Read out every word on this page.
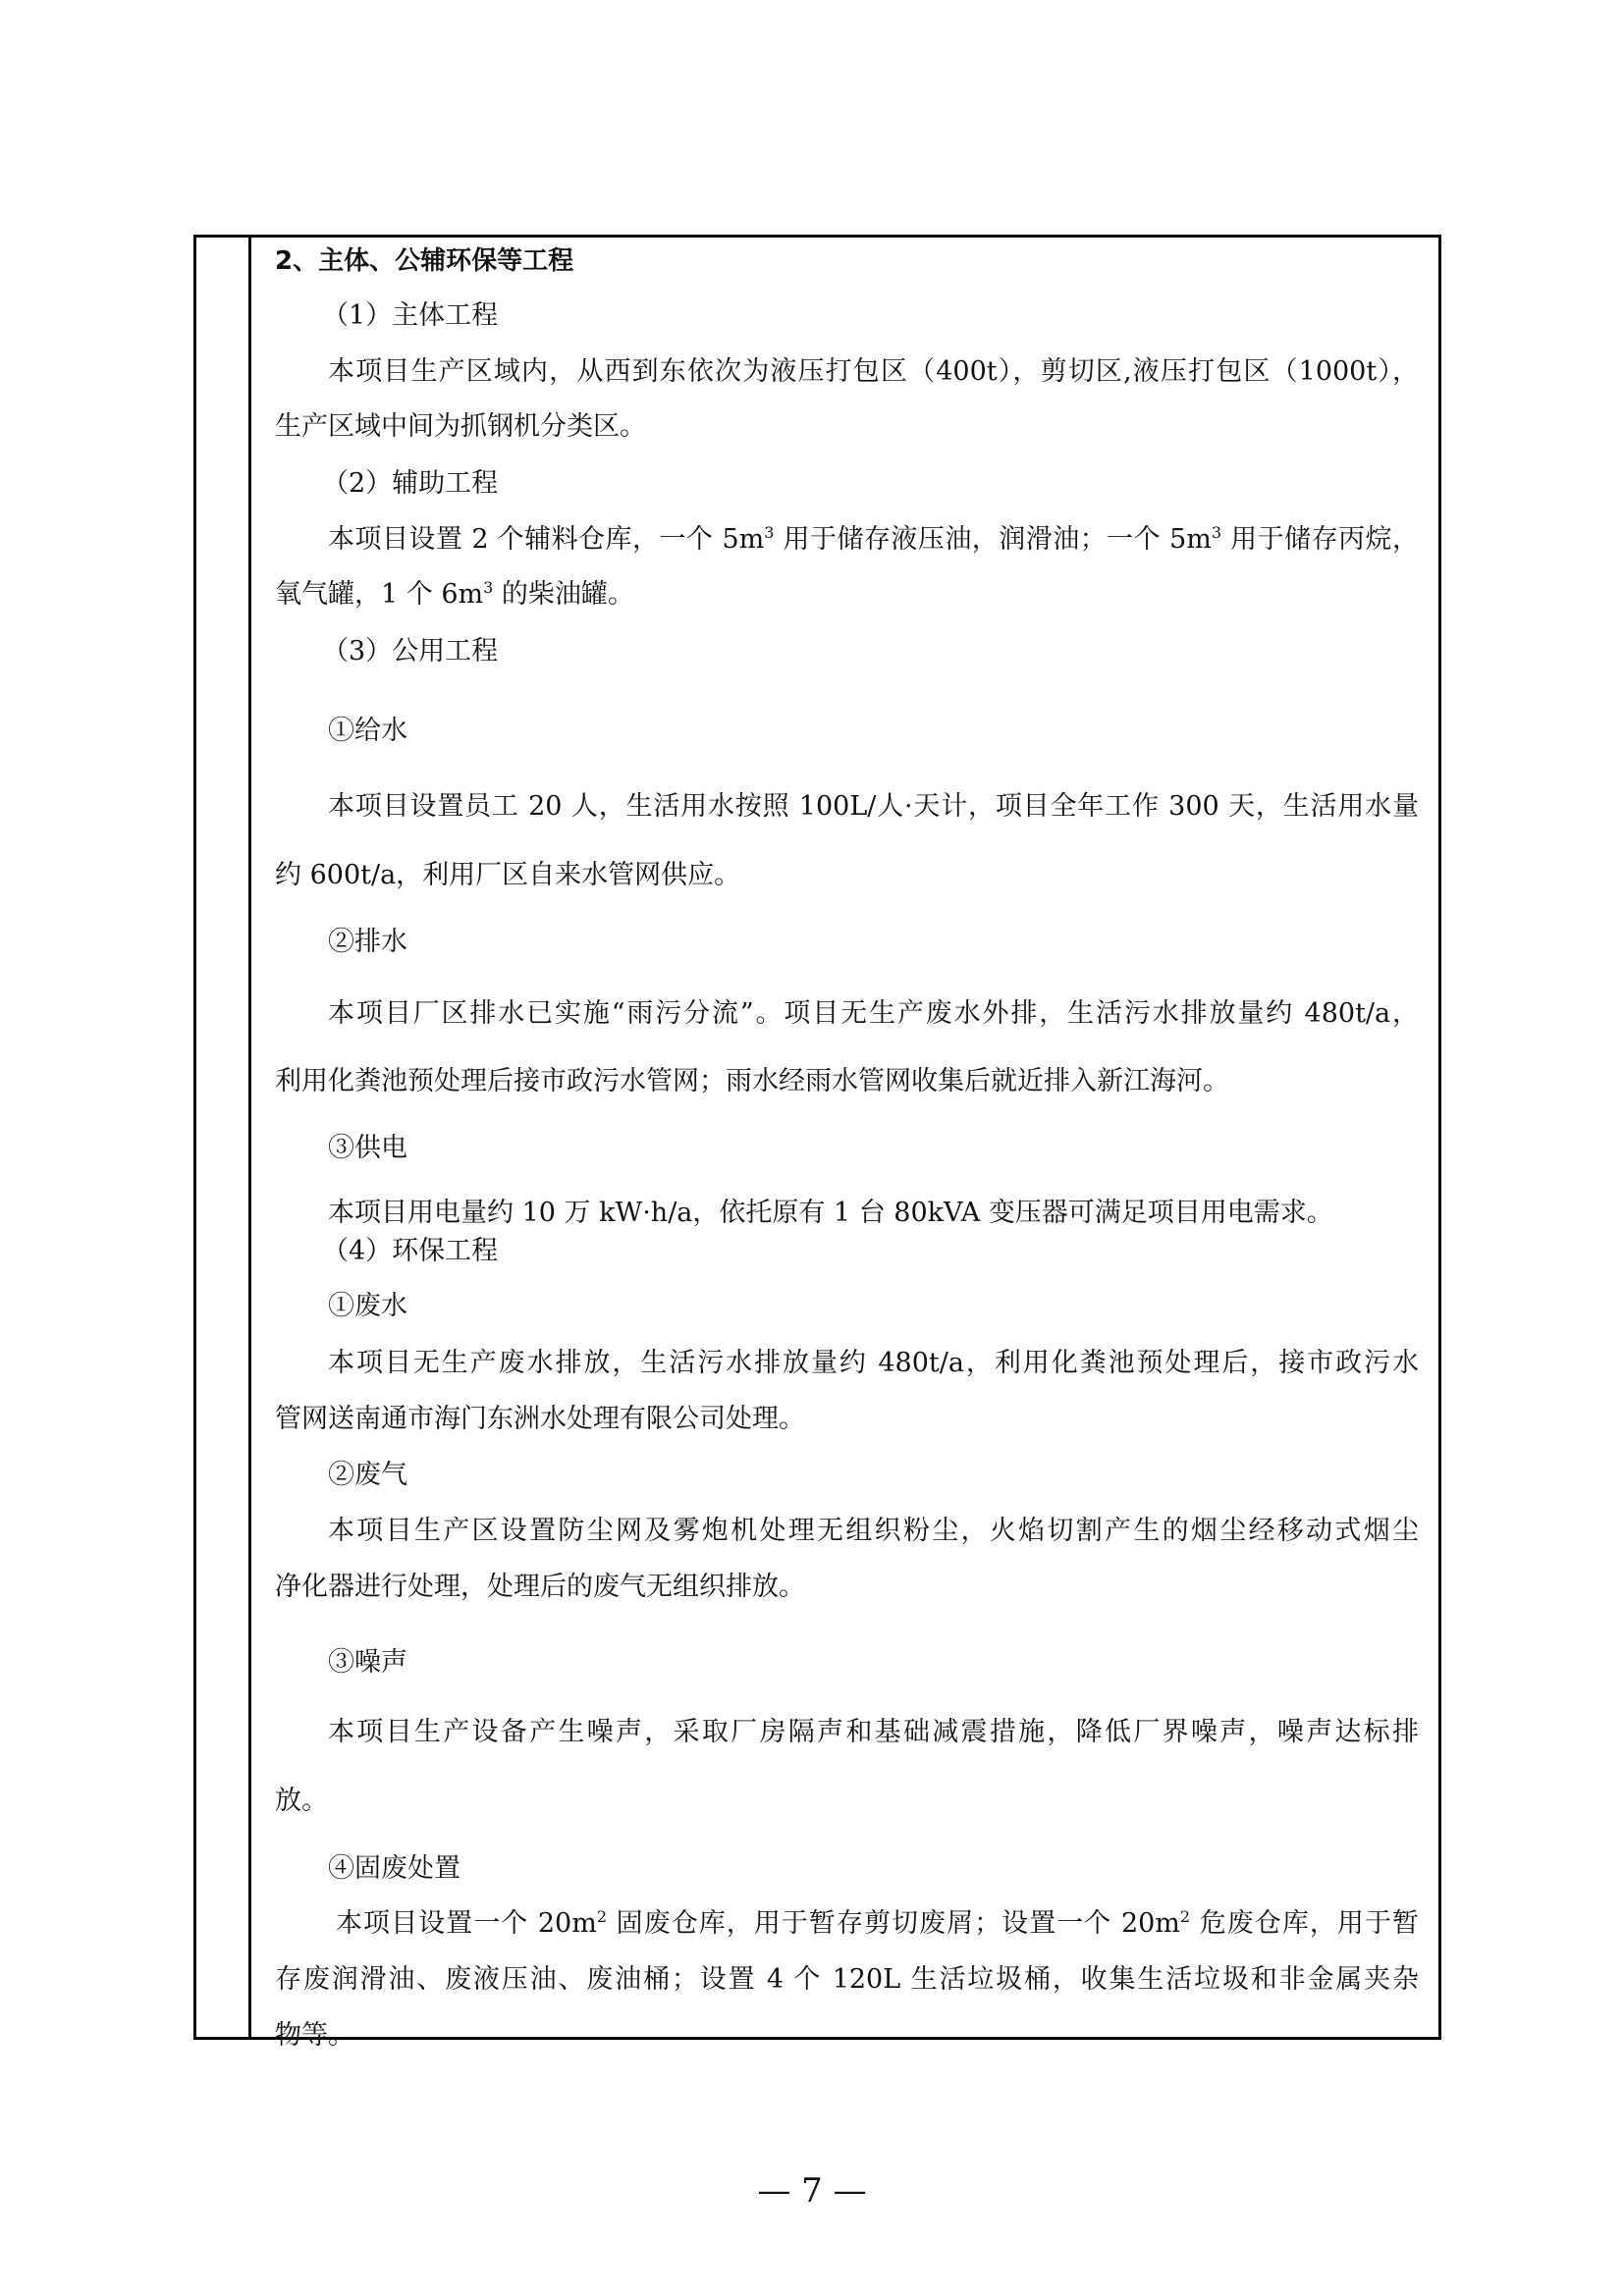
2、主体、公辅环保等工程
（1）主体工程
本项目生产区域内，从西到东依次为液压打包区（400t），剪切区,液压打包区（1000t），
生产区域中间为抓钢机分类区。
（2）辅助工程
本项目设置 2 个辅料仓库，一个 $5m^3$ 用于储存液压油，润滑油；一个 $5m^3$ 用于储存丙烷，
氧气罐，1 个 $6m^3$ 的柴油罐。
（3）公用工程
①给水
本项目设置员工 20 人，生活用水按照 100L/人·天计，项目全年工作 300 天，生活用水量
约 600t/a，利用厂区自来水管网供应。
②排水
本项目厂区排水已实施“雨污分流”。项目无生产废水外排，生活污水排放量约 480t/a，
利用化粪池预处理后接市政污水管网；雨水经雨水管网收集后就近排入新江海河。
③供电
本项目用电量约 10 万 kW·h/a，依托原有 1 台 80kVA 变压器可满足项目用电需求。
（4）环保工程
①废水
本项目无生产废水排放，生活污水排放量约 480t/a，利用化粪池预处理后，接市政污水
管网送南通市海门东洲水处理有限公司处理。
②废气
本项目生产区设置防尘网及雾炮机处理无组织粉尘，火焰切割产生的烟尘经移动式烟尘
净化器进行处理，处理后的废气无组织排放。
③噪声
本项目生产设备产生噪声，采取厂房隔声和基础减震措施，降低厂界噪声，噪声达标排
放。
④固废处置
本项目设置一个 $20m^2$ 固废仓库，用于暂存剪切废屑；设置一个 $20m^2$ 危废仓库，用于暂
存废润滑油、废液压油、废油桶；设置 4 个 120L 生活垃圾桶，收集生活垃圾和非金属夹杂
物等。
— 7 —
